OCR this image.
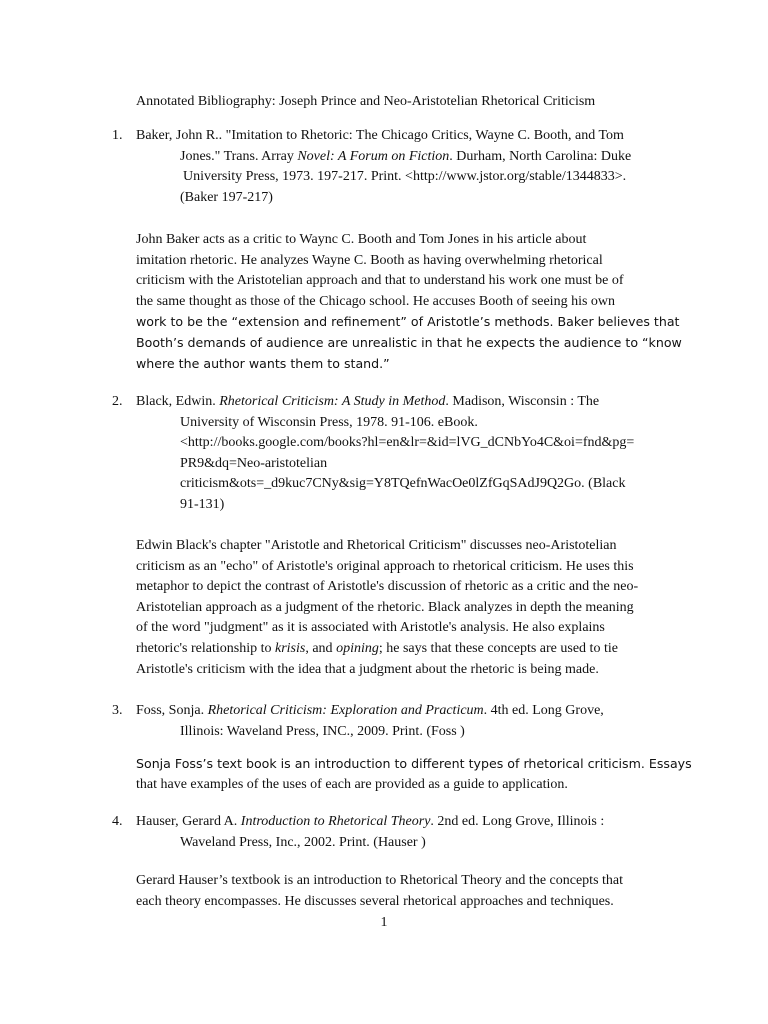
Annotated Bibliography: Joseph Prince and Neo-Aristotelian Rhetorical Criticism
1. Baker, John R.. "Imitation to Rhetoric: The Chicago Critics, Wayne C. Booth, and Tom
Jones." Trans. Array Novel: A Forum on Fiction. Durham, North Carolina: Duke
University Press, 1973. 197-217. Print. <http://www.jstor.org/stable/1344833>.
(Baker 197-217)
John Baker acts as a critic to Waync C. Booth and Tom Jones in his article about
imitation rhetoric. He analyzes Wayne C. Booth as having overwhelming rhetorical
criticism with the Aristotelian approach and that to understand his work one must be of
the same thought as those of the Chicago school. He accuses Booth of seeing his own
work to be the “extension and refinement” of Aristotle’s methods. Baker believes that
Booth’s demands of audience are unrealistic in that he expects the audience to “know
where the author wants them to stand.”
2. Black, Edwin. Rhetorical Criticism: A Study in Method. Madison, Wisconsin : The
University of Wisconsin Press, 1978. 91-106. eBook.
<http://books.google.com/books?hl=en&lr=&id=lVG_dCNbYo4C&oi=fnd&pg=
PR9&dq=Neo-aristotelian
criticism&ots=_d9kuc7CNy&sig=Y8TQefnWacOe0lZfGqSAdJ9Q2Go. (Black
91-131)
Edwin Black's chapter "Aristotle and Rhetorical Criticism" discusses neo-Aristotelian
criticism as an "echo" of Aristotle's original approach to rhetorical criticism. He uses this
metaphor to depict the contrast of Aristotle's discussion of rhetoric as a critic and the neo-
Aristotelian approach as a judgment of the rhetoric. Black analyzes in depth the meaning
of the word "judgment" as it is associated with Aristotle's analysis. He also explains
rhetoric's relationship to krisis, and opining; he says that these concepts are used to tie
Aristotle's criticism with the idea that a judgment about the rhetoric is being made.
3. Foss, Sonja. Rhetorical Criticism: Exploration and Practicum. 4th ed. Long Grove,
Illinois: Waveland Press, INC., 2009. Print. (Foss )
Sonja Foss’s text book is an introduction to different types of rhetorical criticism. Essays
that have examples of the uses of each are provided as a guide to application.
4. Hauser, Gerard A. Introduction to Rhetorical Theory. 2nd ed. Long Grove, Illinois :
Waveland Press, Inc., 2002. Print. (Hauser )
Gerard Hauser’s textbook is an introduction to Rhetorical Theory and the concepts that
each theory encompasses. He discusses several rhetorical approaches and techniques.
1
